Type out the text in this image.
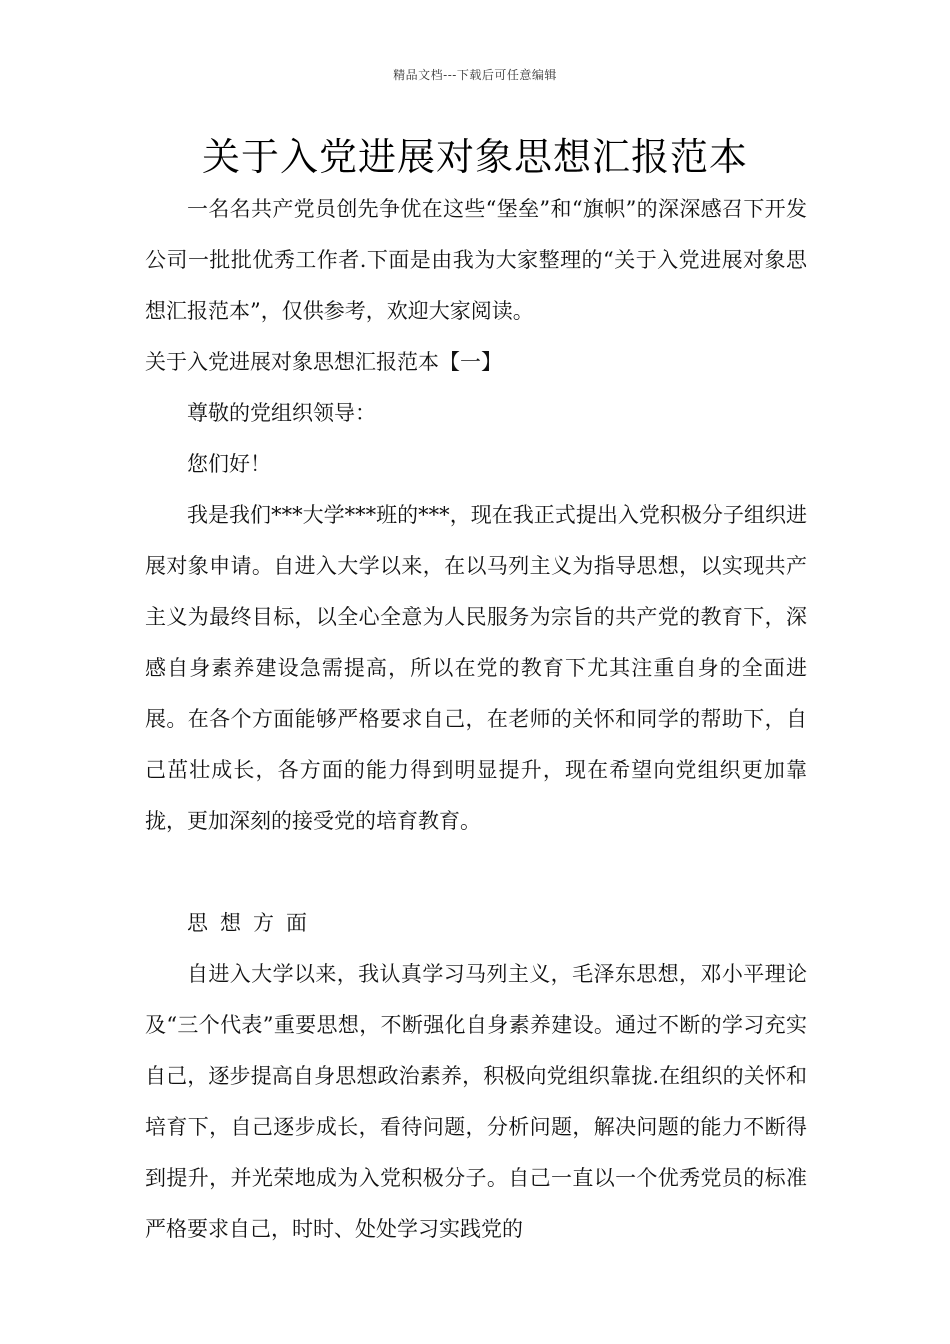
精品文档---下载后可任意编辑
关于入党进展对象思想汇报范本

一名名共产党员创先争优在这些“堡垒”和“旗帜”的深深感召下开发公司一批批优秀工作者.下面是由我为大家整理的“关于入党进展对象思想汇报范本”，仅供参考，欢迎大家阅读。

关于入党进展对象思想汇报范本【一】

尊敬的党组织领导：

您们好！

我是我们***大学***班的***，现在我正式提出入党积极分子组织进展对象申请。自进入大学以来，在以马列主义为指导思想，以实现共产主义为最终目标，以全心全意为人民服务为宗旨的共产党的教育下，深感自身素养建设急需提高，所以在党的教育下尤其注重自身的全面进展。在各个方面能够严格要求自己，在老师的关怀和同学的帮助下，自己茁壮成长，各方面的能力得到明显提升，现在希望向党组织更加靠拢，更加深刻的接受党的培育教育。

思想方面

自进入大学以来，我认真学习马列主义，毛泽东思想，邓小平理论及“三个代表”重要思想，不断强化自身素养建设。通过不断的学习充实自己，逐步提高自身思想政治素养，积极向党组织靠拢.在组织的关怀和培育下，自己逐步成长，看待问题，分析问题，解决问题的能力不断得到提升，并光荣地成为入党积极分子。自己一直以一个优秀党员的标准严格要求自己，时时、处处学习实践党的
